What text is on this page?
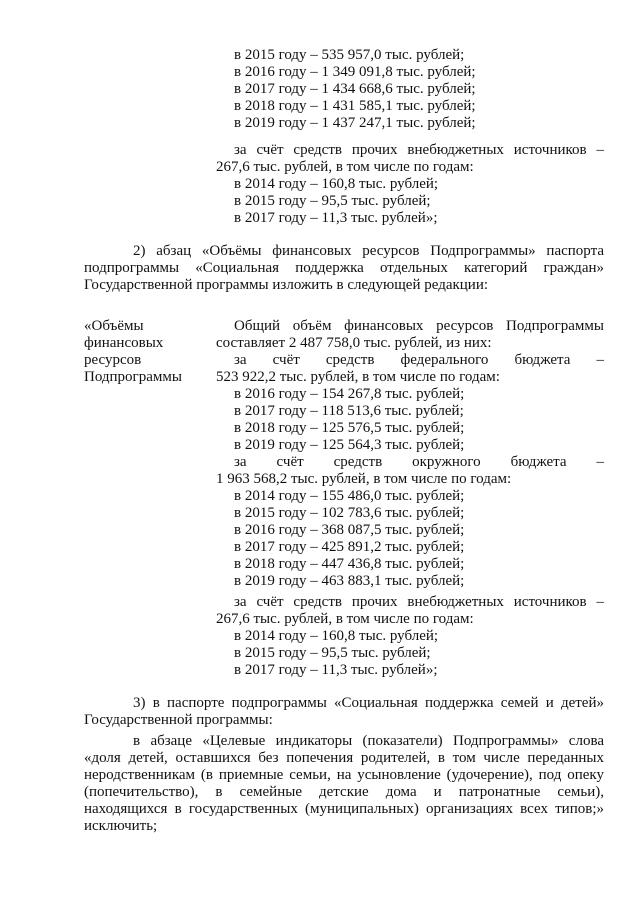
в 2015 году – 535 957,0 тыс. рублей;
в 2016 году – 1 349 091,8 тыс. рублей;
в 2017 году – 1 434 668,6 тыс. рублей;
в 2018 году – 1 431 585,1 тыс. рублей;
в 2019 году – 1 437 247,1 тыс. рублей;
за счёт средств прочих внебюджетных источников –
267,6 тыс. рублей, в том числе по годам:
в 2014 году – 160,8 тыс. рублей;
в 2015 году – 95,5 тыс. рублей;
в 2017 году – 11,3 тыс. рублей»;
2) абзац «Объёмы финансовых ресурсов Подпрограммы» паспорта
подпрограммы «Социальная поддержка отдельных категорий граждан»
Государственной программы изложить в следующей редакции:
«Объёмы
финансовых
ресурсов
Подпрограммы
Общий объём финансовых ресурсов Подпрограммы
составляет 2 487 758,0 тыс. рублей, из них:
за счёт средств федерального бюджета –
523 922,2 тыс. рублей, в том числе по годам:
в 2016 году – 154 267,8 тыс. рублей;
в 2017 году – 118 513,6 тыс. рублей;
в 2018 году – 125 576,5 тыс. рублей;
в 2019 году – 125 564,3 тыс. рублей;
за счёт средств окружного бюджета –
1 963 568,2 тыс. рублей, в том числе по годам:
в 2014 году – 155 486,0 тыс. рублей;
в 2015 году – 102 783,6 тыс. рублей;
в 2016 году – 368 087,5 тыс. рублей;
в 2017 году – 425 891,2 тыс. рублей;
в 2018 году – 447 436,8 тыс. рублей;
в 2019 году – 463 883,1 тыс. рублей;
за счёт средств прочих внебюджетных источников –
267,6 тыс. рублей, в том числе по годам:
в 2014 году – 160,8 тыс. рублей;
в 2015 году – 95,5 тыс. рублей;
в 2017 году – 11,3 тыс. рублей»;
3) в паспорте подпрограммы «Социальная поддержка семей и детей»
Государственной программы:
в абзаце «Целевые индикаторы (показатели) Подпрограммы» слова
«доля детей, оставшихся без попечения родителей, в том числе переданных
неродственникам (в приемные семьи, на усыновление (удочерение), под опеку
(попечительство), в семейные детские дома и патронатные семьи),
находящихся в государственных (муниципальных) организациях всех типов;»
исключить;
